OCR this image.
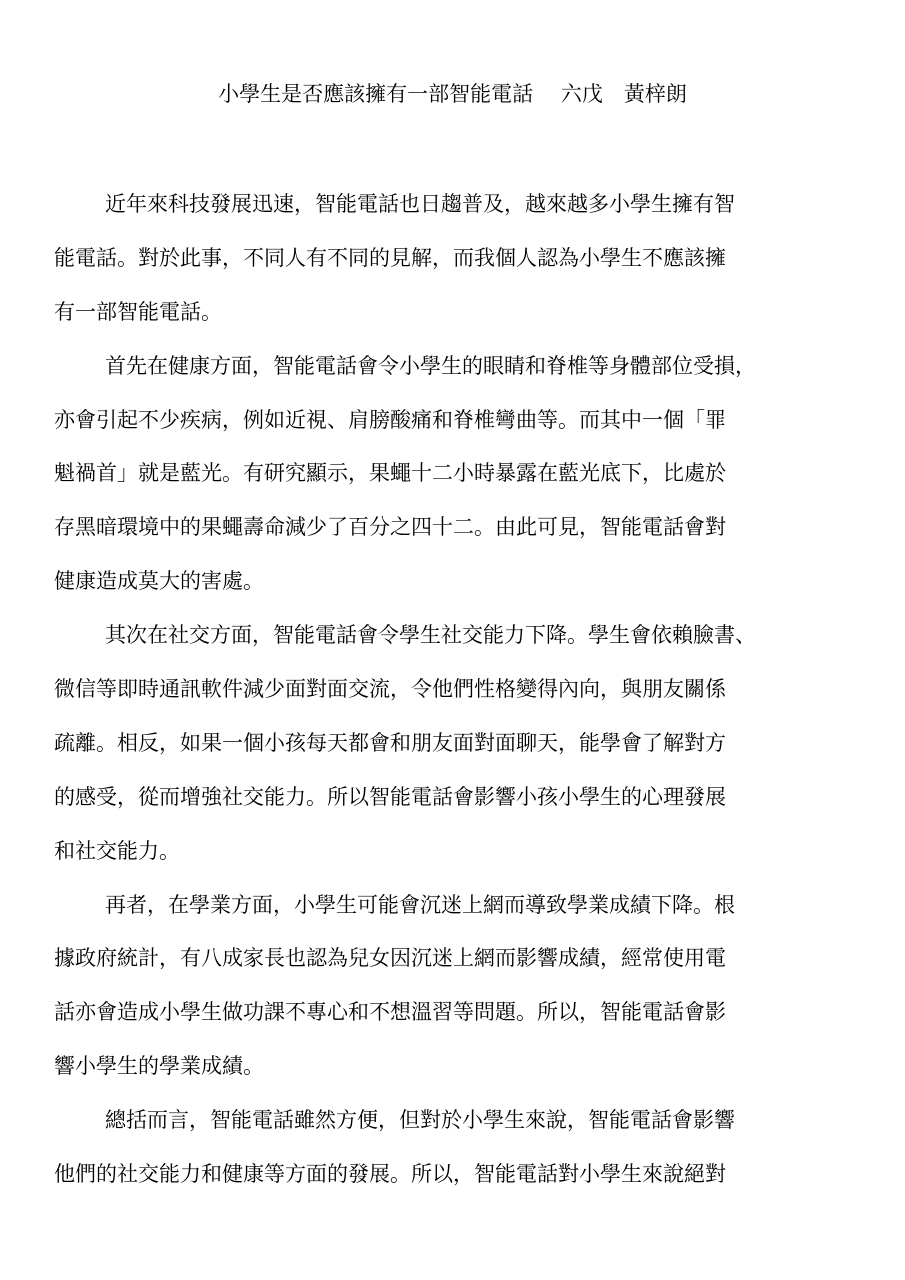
小學生是否應該擁有一部智能電話　 六戊　黃梓朗
近年來科技發展迅速，智能電話也日趨普及，越來越多小學生擁有智
能電話。對於此事，不同人有不同的見解，而我個人認為小學生不應該擁
有一部智能電話。
首先在健康方面，智能電話會令小學生的眼睛和脊椎等身體部位受損，
亦會引起不少疾病，例如近視、肩膀酸痛和脊椎彎曲等。而其中一個「罪
魁禍首」就是藍光。有研究顯示，果蠅十二小時暴露在藍光底下，比處於
存黑暗環境中的果蠅壽命減少了百分之四十二。由此可見，智能電話會對
健康造成莫大的害處。
其次在社交方面，智能電話會令學生社交能力下降。學生會依賴臉書、
微信等即時通訊軟件減少面對面交流，令他們性格變得內向，與朋友關係
疏離。相反，如果一個小孩每天都會和朋友面對面聊天，能學會了解對方
的感受，從而增強社交能力。所以智能電話會影響小孩小學生的心理發展
和社交能力。
再者，在學業方面，小學生可能會沉迷上網而導致學業成績下降。根
據政府統計，有八成家長也認為兒女因沉迷上網而影響成績，經常使用電
話亦會造成小學生做功課不專心和不想溫習等問題。所以，智能電話會影
響小學生的學業成績。
總括而言，智能電話雖然方便，但對於小學生來說，智能電話會影響
他們的社交能力和健康等方面的發展。所以，智能電話對小學生來說絕對
